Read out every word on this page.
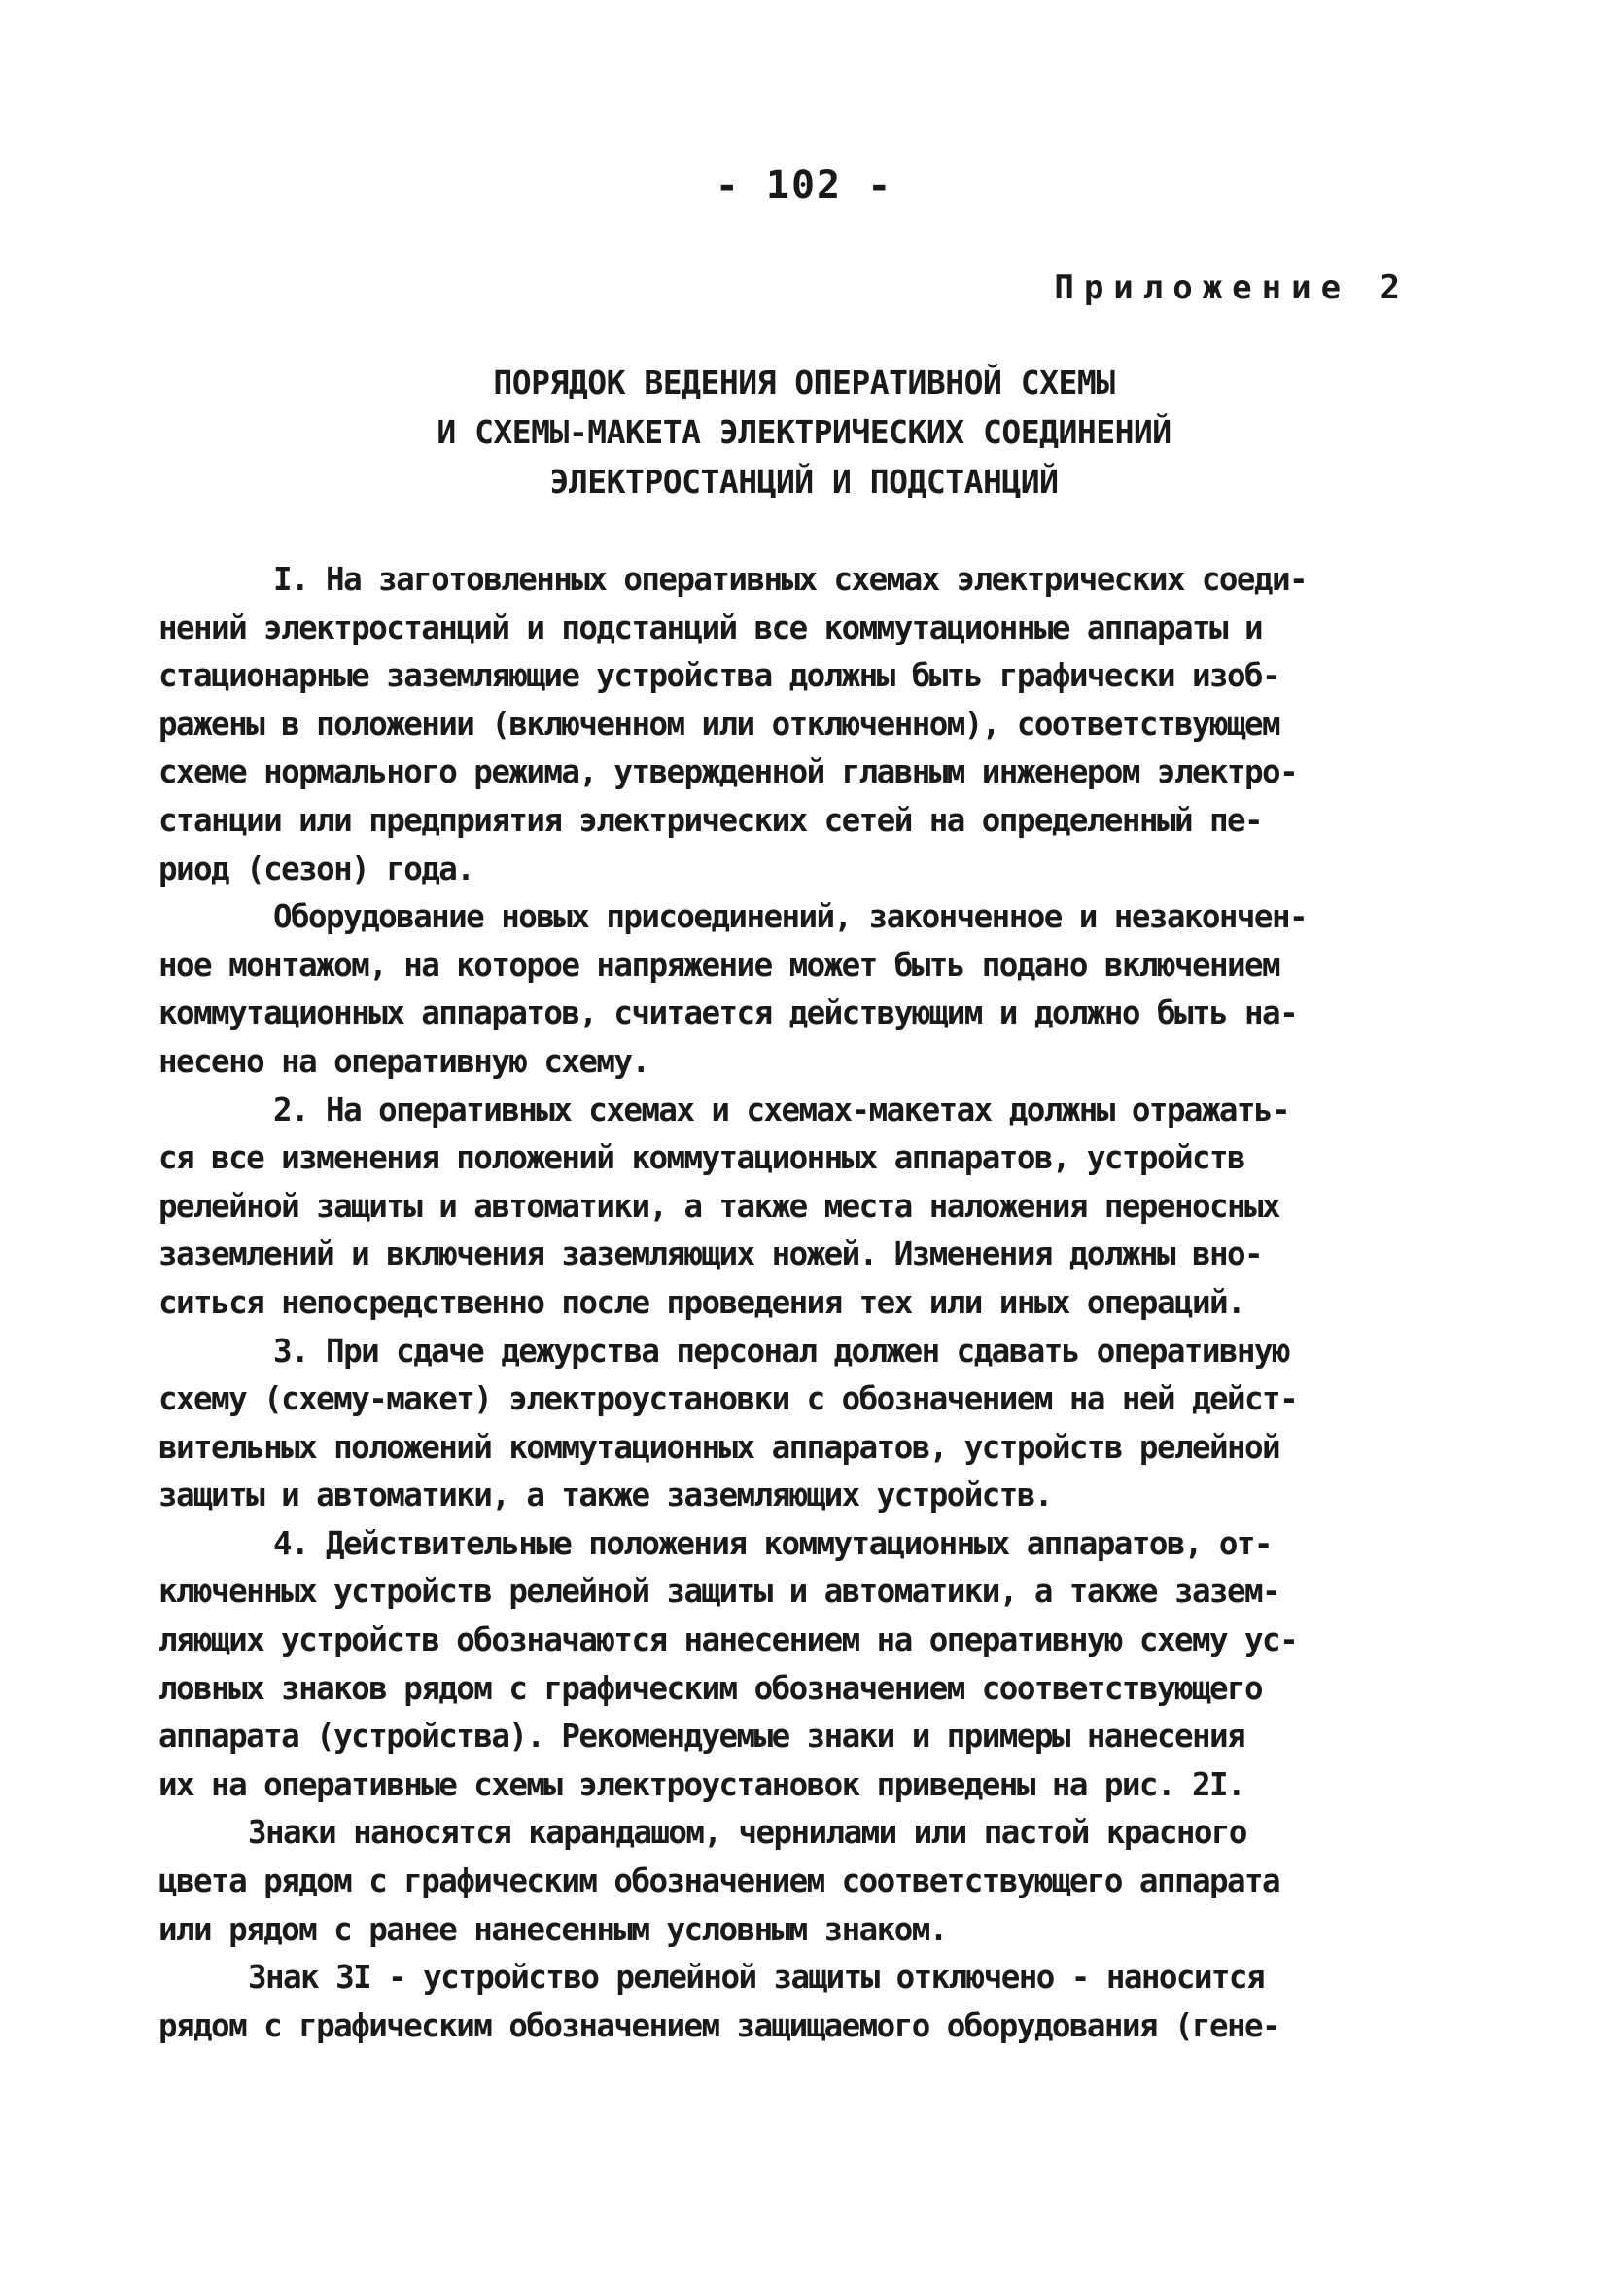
- 102 -
Приложение 2
ПОРЯДОК ВЕДЕНИЯ ОПЕРАТИВНОЙ СХЕМЫ
И СХЕМЫ-МАКЕТА ЭЛЕКТРИЧЕСКИХ СОЕДИНЕНИЙ
ЭЛЕКТРОСТАНЦИЙ И ПОДСТАНЦИЙ

I. На заготовленных оперативных схемах электрических соеди-

нений электростанций и подстанций все коммутационные аппараты и

стационарные заземляющие устройства должны быть графически изоб-

ражены в положении (включенном или отключенном), соответствующем

схеме нормального режима, утвержденной главным инженером электро-

станции или предприятия электрических сетей на определенный пе-

риод (сезон) года.

Оборудование новых присоединений, законченное и незакончен-

ное монтажом, на которое напряжение может быть подано включением

коммутационных аппаратов, считается действующим и должно быть на-

несено на оперативную схему.

2. На оперативных схемах и схемах-макетах должны отражать-

ся все изменения положений коммутационных аппаратов, устройств

релейной защиты и автоматики, а также места наложения переносных

заземлений и включения заземляющих ножей. Изменения должны вно-

ситься непосредственно после проведения тех или иных операций.

3. При сдаче дежурства персонал должен сдавать оперативную

схему (схему-макет) электроустановки с обозначением на ней дейст-

вительных положений коммутационных аппаратов, устройств релейной

защиты и автоматики, а также заземляющих устройств.

4. Действительные положения коммутационных аппаратов, от-

ключенных устройств релейной защиты и автоматики, а также зазем-

ляющих устройств обозначаются нанесением на оперативную схему ус-

ловных знаков рядом с графическим обозначением соответствующего

аппарата (устройства). Рекомендуемые знаки и примеры нанесения

их на оперативные схемы электроустановок приведены на рис. 2I.

Знаки наносятся карандашом, чернилами или пастой красного

цвета рядом с графическим обозначением соответствующего аппарата

или рядом с ранее нанесенным условным знаком.

Знак 3I - устройство релейной защиты отключено - наносится

рядом с графическим обозначением защищаемого оборудования (гене-
